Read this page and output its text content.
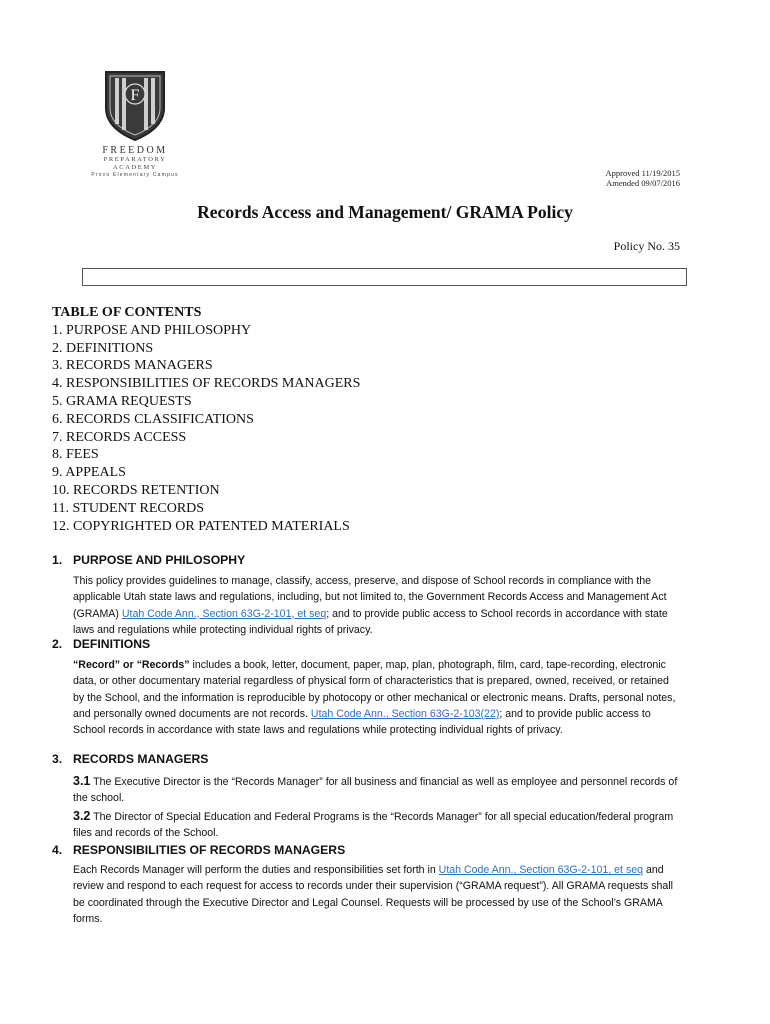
F
FREEDOM
PREPARATORY ACADEMY
Provo Elementary Campus	Approved 11/19/2015
Amended 09/07/2016
Records Access and Management/ GRAMA Policy
Policy No. 35
TABLE OF CONTENTS
1. PURPOSE AND PHILOSOPHY
2. DEFINITIONS
3. RECORDS MANAGERS
4. RESPONSIBILITIES OF RECORDS MANAGERS
5. GRAMA REQUESTS
6. RECORDS CLASSIFICATIONS
7. RECORDS ACCESS
8. FEES
9. APPEALS
10. RECORDS RETENTION
11. STUDENT RECORDS
12. COPYRIGHTED OR PATENTED MATERIALS
1. PURPOSE AND PHILOSOPHY
This policy provides guidelines to manage, classify, access, preserve, and dispose of School records in compliance with the applicable Utah state laws and regulations, including, but not limited to, the Government Records Access and Management Act (GRAMA) Utah Code Ann., Section 63G-2-101, et seq; and to provide public access to School records in accordance with state laws and regulations while protecting individual rights of privacy.
2. DEFINITIONS
“Record” or “Records” includes a book, letter, document, paper, map, plan, photograph, film, card, tape-recording, electronic data, or other documentary material regardless of physical form of characteristics that is prepared, owned, received, or retained by the School, and the information is reproducible by photocopy or other mechanical or electronic means. Drafts, personal notes, and personally owned documents are not records. Utah Code Ann., Section 63G-2-103(22); and to provide public access to School records in accordance with state laws and regulations while protecting individual rights of privacy.
3. RECORDS MANAGERS
3.1 The Executive Director is the “Records Manager” for all business and financial as well as employee and personnel records of the school.
3.2 The Director of Special Education and Federal Programs is the “Records Manager” for all special education/federal program files and records of the School.
4. RESPONSIBILITIES OF RECORDS MANAGERS
Each Records Manager will perform the duties and responsibilities set forth in Utah Code Ann., Section 63G-2-101, et seq and review and respond to each request for access to records under their supervision (“GRAMA request”). All GRAMA requests shall be coordinated through the Executive Director and Legal Counsel. Requests will be processed by use of the School’s GRAMA forms.
